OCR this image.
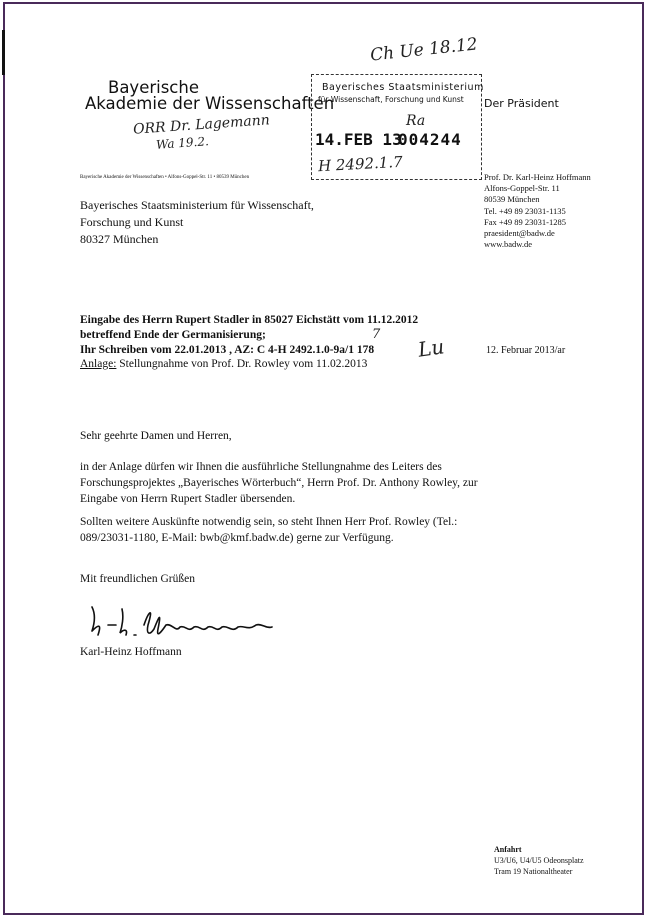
Bayerische
Akademie der Wissenschaften	Der Präsident
Bayerische Akademie der Wissenschaften • Alfons-Goppel-Str. 11 • 80539 München
Bayerisches Staatsministerium
für Wissenschaft, Forschung und Kunst
14.FEB 13
004244
Ch Ue 18.12
ORR Dr. Lagemann
Wa 19.2.
Ra
H 2492.1.7
7 Lu
Prof. Dr. Karl-Heinz Hoffmann
Alfons-Goppel-Str. 11
80539 München
Tel. +49 89 23031-1135
Fax +49 89 23031-1285
praesident@badw.de
www.badw.de
Bayerisches Staatsministerium für Wissenschaft,
Forschung und Kunst
80327 München
Eingabe des Herrn Rupert Stadler in 85027 Eichstätt vom 11.12.2012
betreffend Ende der Germanisierung;
Ihr Schreiben vom 22.01.2013 , AZ: C 4-H 2492.1.0-9a/1 178
Anlage: Stellungnahme von Prof. Dr. Rowley vom 11.02.2013
12. Februar 2013/ar
Sehr geehrte Damen und Herren,
in der Anlage dürfen wir Ihnen die ausführliche Stellungnahme des Leiters des Forschungsprojektes „Bayerisches Wörterbuch“, Herrn Prof. Dr. Anthony Rowley, zur Eingabe von Herrn Rupert Stadler übersenden.
Sollten weitere Auskünfte notwendig sein, so steht Ihnen Herr Prof. Rowley (Tel.: 089/23031-1180, E-Mail: bwb@kmf.badw.de) gerne zur Verfügung.
Mit freundlichen Grüßen
Karl-Heinz Hoffmann
Anfahrt
U3/U6, U4/U5 Odeonsplatz
Tram 19 Nationaltheater
